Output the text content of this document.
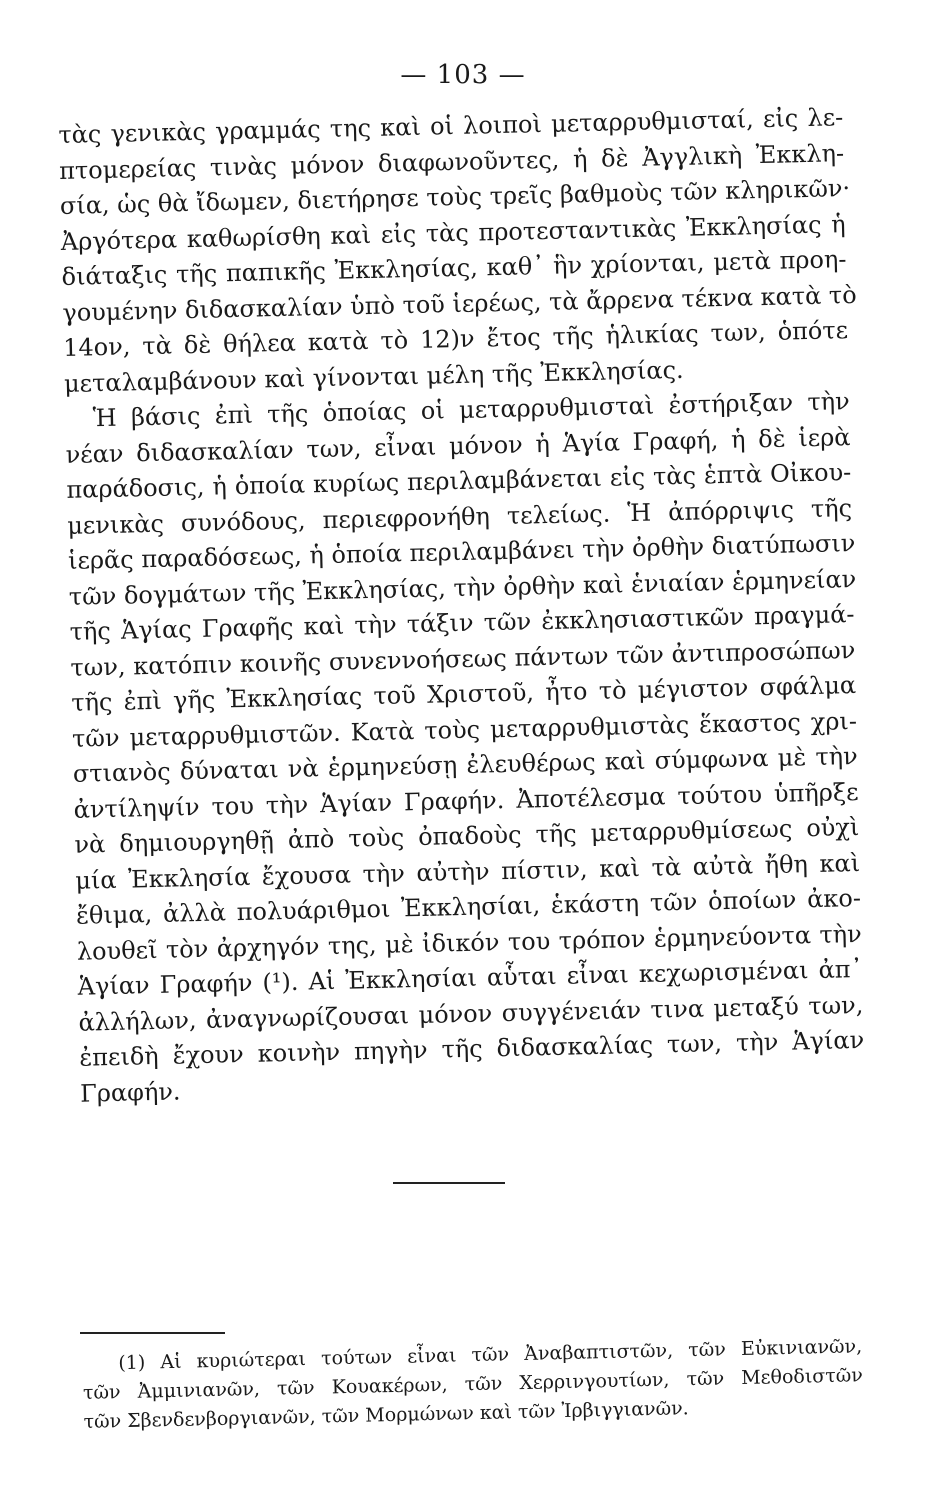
— 103 —
τὰς γενικὰς γραμμάς της καὶ οἱ λοιποὶ μεταρρυθμισταί, εἰς λε-
πτομερείας τινὰς μόνον διαφωνοῦντες, ἡ δὲ Ἀγγλικὴ Ἐκκλη-
σία, ὡς θὰ ἴδωμεν, διετήρησε τοὺς τρεῖς βαθμοὺς τῶν κληρικῶν·
Ἀργότερα καθωρίσθη καὶ εἰς τὰς προτεσταντικὰς Ἐκκλησίας ἡ
διάταξις τῆς παπικῆς Ἐκκλησίας, καθ᾽ ἣν χρίονται, μετὰ προη-
γουμένην διδασκαλίαν ὑπὸ τοῦ ἱερέως, τὰ ἄρρενα τέκνα κατὰ τὸ
14ον, τὰ δὲ θήλεα κατὰ τὸ 12)ν ἔτος τῆς ἡλικίας των, ὁπότε
μεταλαμβάνουν καὶ γίνονται μέλη τῆς Ἐκκλησίας.
Ἡ βάσις ἐπὶ τῆς ὁποίας οἱ μεταρρυθμισταὶ ἐστήριξαν τὴν
νέαν διδασκαλίαν των, εἶναι μόνον ἡ Ἁγία Γραφή, ἡ δὲ ἱερὰ
παράδοσις, ἡ ὁποία κυρίως περιλαμβάνεται εἰς τὰς ἑπτὰ Οἰκου-
μενικὰς συνόδους, περιεφρονήθη τελείως. Ἡ ἀπόρριψις τῆς
ἱερᾶς παραδόσεως, ἡ ὁποία περιλαμβάνει τὴν ὀρθὴν διατύπωσιν
τῶν δογμάτων τῆς Ἐκκλησίας, τὴν ὀρθὴν καὶ ἑνιαίαν ἑρμηνείαν
τῆς Ἁγίας Γραφῆς καὶ τὴν τάξιν τῶν ἐκκλησιαστικῶν πραγμά-
των, κατόπιν κοινῆς συνεννοήσεως πάντων τῶν ἀντιπροσώπων
τῆς ἐπὶ γῆς Ἐκκλησίας τοῦ Χριστοῦ, ἦτο τὸ μέγιστον σφάλμα
τῶν μεταρρυθμιστῶν. Κατὰ τοὺς μεταρρυθμιστὰς ἕκαστος χρι-
στιανὸς δύναται νὰ ἑρμηνεύσῃ ἐλευθέρως καὶ σύμφωνα μὲ τὴν
ἀντίληψίν του τὴν Ἁγίαν Γραφήν. Ἀποτέλεσμα τούτου ὑπῆρξε
νὰ δημιουργηθῇ ἀπὸ τοὺς ὀπαδοὺς τῆς μεταρρυθμίσεως οὐχὶ
μία Ἐκκλησία ἔχουσα τὴν αὐτὴν πίστιν, καὶ τὰ αὐτὰ ἤθη καὶ
ἔθιμα, ἀλλὰ πολυάριθμοι Ἐκκλησίαι, ἑκάστη τῶν ὁποίων ἀκο-
λουθεῖ τὸν ἀρχηγόν της, μὲ ἰδικόν του τρόπον ἑρμηνεύοντα τὴν
Ἁγίαν Γραφήν (¹). Αἱ Ἐκκλησίαι αὗται εἶναι κεχωρισμέναι ἀπ᾽
ἀλλήλων, ἀναγνωρίζουσαι μόνον συγγένειάν τινα μεταξύ των,
ἐπειδὴ ἔχουν κοινὴν πηγὴν τῆς διδασκαλίας των, τὴν Ἁγίαν
Γραφήν.
(1) Αἱ κυριώτεραι τούτων εἶναι τῶν Ἀναβαπτιστῶν, τῶν Εὐκινιανῶν,
τῶν Ἀμμινιανῶν, τῶν Κουακέρων, τῶν Χερρινγουτίων, τῶν Μεθοδιστῶν
τῶν Σβενδενβοργιανῶν, τῶν Μορμώνων καὶ τῶν Ἰρβιγγιανῶν.
